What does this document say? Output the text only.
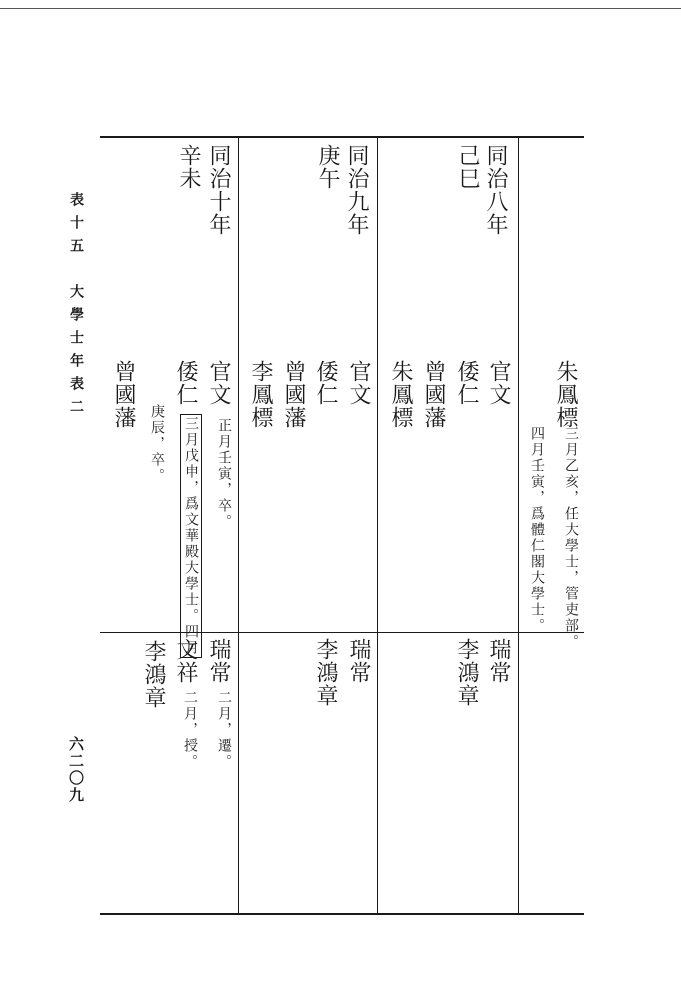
表十五　大學士年表二
六二〇九
同治八年
己巳
朱鳳標
三月乙亥，任大學士，管吏部。
四月壬寅，爲體仁閣大學士。
官文
倭仁
曾國藩
朱鳳標
瑞常
李鴻章
同治九年
庚午
官文
倭仁
曾國藩
李鳳標
瑞常
李鴻章
同治十年
辛未
官文
正月壬寅，卒。
倭仁
三月戊申，爲文華殿大學士。四月
庚辰，卒。
曾國藩
瑞常
二月，遷。
文祥
二月，授。
李鴻章
